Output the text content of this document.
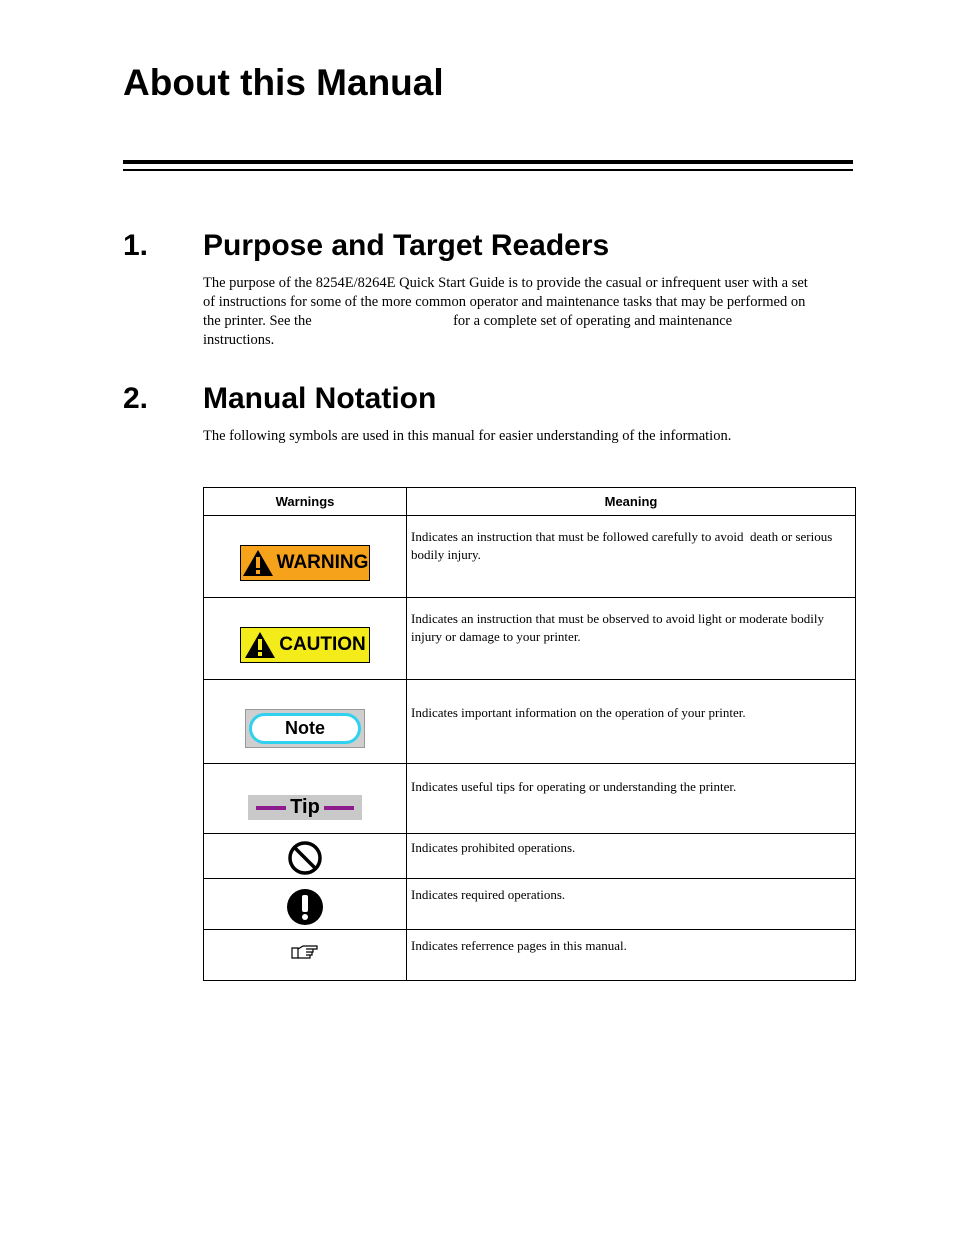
About this Manual
1. Purpose and Target Readers

The purpose of the 8254E/8264E Quick Start Guide is to provide the casual or infrequent user with a set
of instructions for some of the more common operator and maintenance tasks that may be performed on
the printer. See the                                       for a complete set of operating and maintenance
instructions.

2. Manual Notation

The following symbols are used in this manual for easier understanding of the information.

Warnings	Meaning

WARNING	Indicates an instruction that must be followed carefully to avoid  death or serious bodily injury.

CAUTION	Indicates an instruction that must be observed to avoid light or moderate bodily injury or damage to your printer.

Note	Indicates important information on the operation of your printer.

Tip	Indicates useful tips for operating or understanding the printer.

	Indicates prohibited operations.

	Indicates required operations.

	Indicates referrence pages in this manual.
